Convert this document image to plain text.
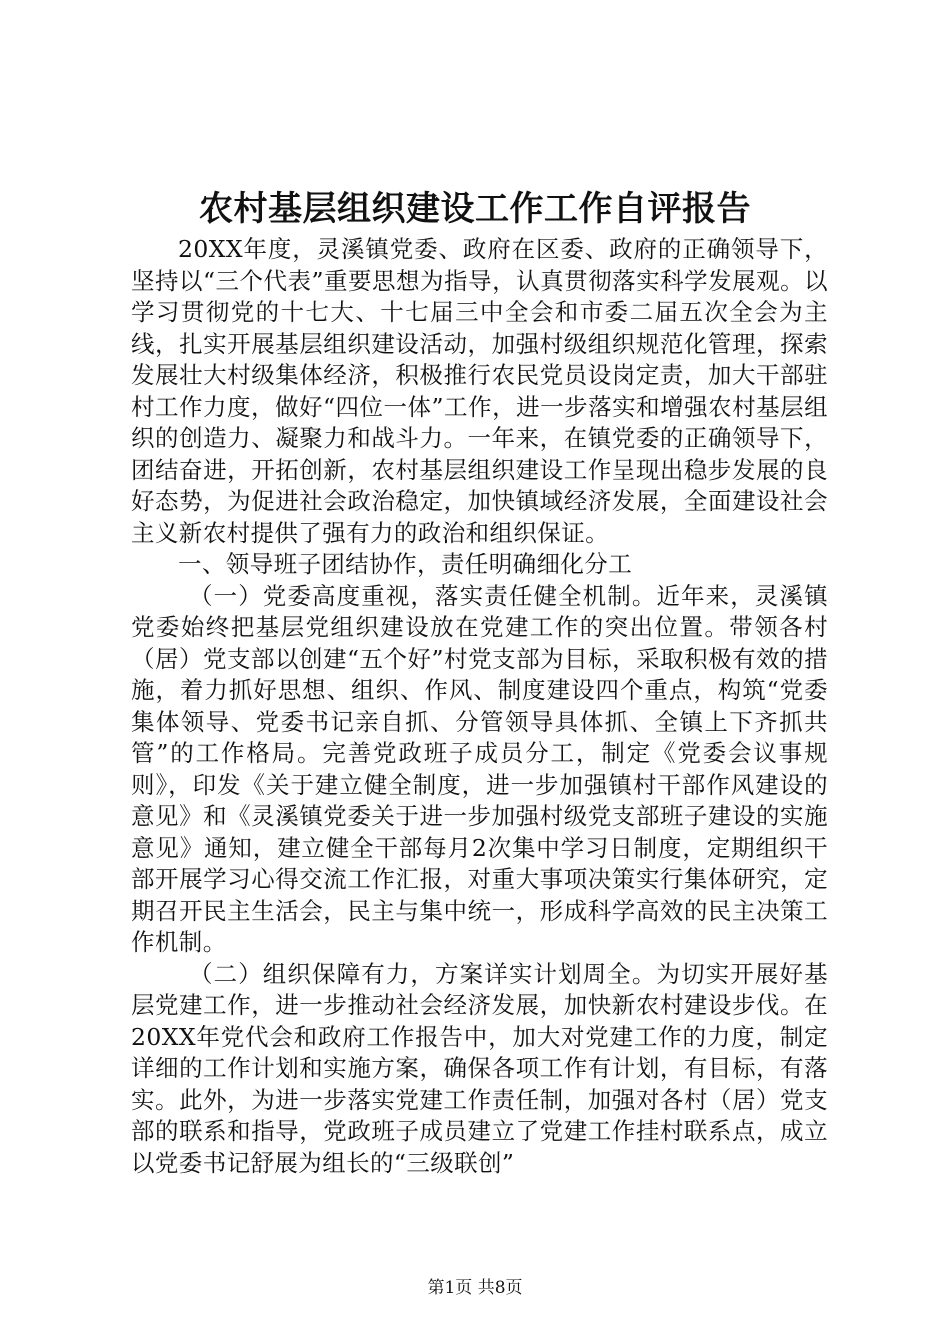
农村基层组织建设工作工作自评报告

20XX年度，灵溪镇党委、政府在区委、政府的正确领导下，坚持以“三个代表”重要思想为指导，认真贯彻落实科学发展观。以学习贯彻党的十七大、十七届三中全会和市委二届五次全会为主线，扎实开展基层组织建设活动，加强村级组织规范化管理，探索发展壮大村级集体经济，积极推行农民党员设岗定责，加大干部驻村工作力度，做好“四位一体”工作，进一步落实和增强农村基层组织的创造力、凝聚力和战斗力。一年来，在镇党委的正确领导下，团结奋进，开拓创新，农村基层组织建设工作呈现出稳步发展的良好态势，为促进社会政治稳定，加快镇域经济发展，全面建设社会主义新农村提供了强有力的政治和组织保证。

一、领导班子团结协作，责任明确细化分工

（一）党委高度重视，落实责任健全机制。近年来，灵溪镇党委始终把基层党组织建设放在党建工作的突出位置。带领各村（居）党支部以创建“五个好”村党支部为目标，采取积极有效的措施，着力抓好思想、组织、作风、制度建设四个重点，构筑“党委集体领导、党委书记亲自抓、分管领导具体抓、全镇上下齐抓共管”的工作格局。完善党政班子成员分工，制定《党委会议事规则》，印发《关于建立健全制度，进一步加强镇村干部作风建设的意见》和《灵溪镇党委关于进一步加强村级党支部班子建设的实施意见》通知，建立健全干部每月2次集中学习日制度，定期组织干部开展学习心得交流工作汇报，对重大事项决策实行集体研究，定期召开民主生活会，民主与集中统一，形成科学高效的民主决策工作机制。

（二）组织保障有力，方案详实计划周全。为切实开展好基层党建工作，进一步推动社会经济发展，加快新农村建设步伐。在20XX年党代会和政府工作报告中，加大对党建工作的力度，制定详细的工作计划和实施方案，确保各项工作有计划，有目标，有落实。此外，为进一步落实党建工作责任制，加强对各村（居）党支部的联系和指导，党政班子成员建立了党建工作挂村联系点，成立以党委书记舒展为组长的“三级联创”

第1页 共8页
